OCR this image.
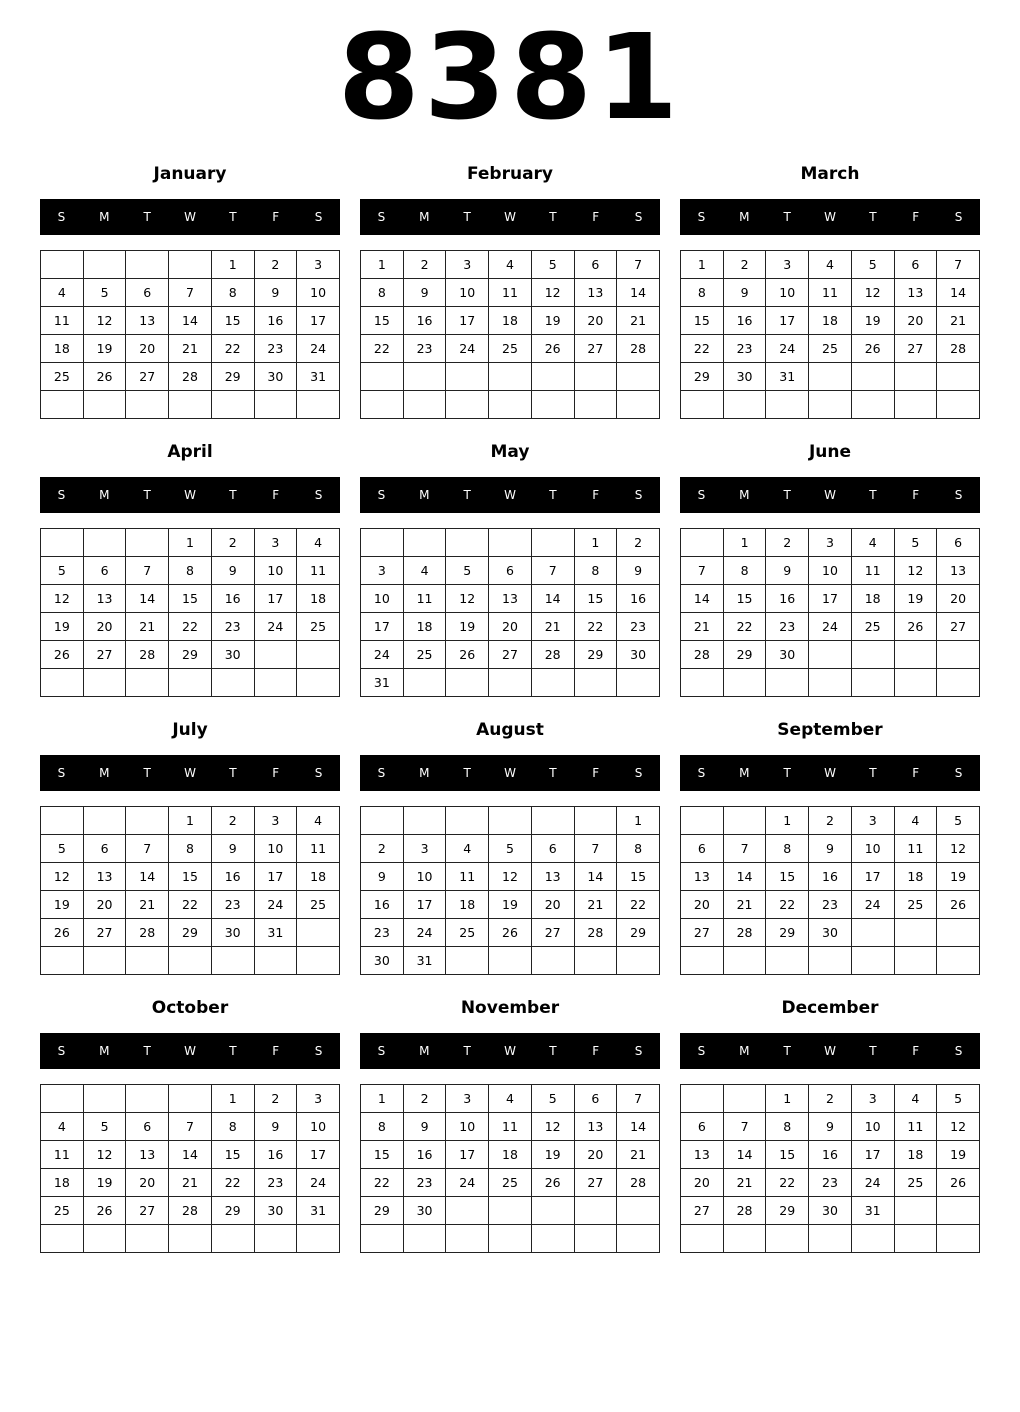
8381
January
S	M	T	W	T	F	S
				1	2	3
4	5	6	7	8	9	10
11	12	13	14	15	16	17
18	19	20	21	22	23	24
25	26	27	28	29	30	31

February
S	M	T	W	T	F	S
1	2	3	4	5	6	7
8	9	10	11	12	13	14
15	16	17	18	19	20	21
22	23	24	25	26	27	28

March
S	M	T	W	T	F	S
1	2	3	4	5	6	7
8	9	10	11	12	13	14
15	16	17	18	19	20	21
22	23	24	25	26	27	28
29	30	31				

April
S	M	T	W	T	F	S
			1	2	3	4
5	6	7	8	9	10	11
12	13	14	15	16	17	18
19	20	21	22	23	24	25
26	27	28	29	30		

May
S	M	T	W	T	F	S
					1	2
3	4	5	6	7	8	9
10	11	12	13	14	15	16
17	18	19	20	21	22	23
24	25	26	27	28	29	30
31						
June
S	M	T	W	T	F	S
	1	2	3	4	5	6
7	8	9	10	11	12	13
14	15	16	17	18	19	20
21	22	23	24	25	26	27
28	29	30				

July
S	M	T	W	T	F	S
			1	2	3	4
5	6	7	8	9	10	11
12	13	14	15	16	17	18
19	20	21	22	23	24	25
26	27	28	29	30	31	

August
S	M	T	W	T	F	S
						1
2	3	4	5	6	7	8
9	10	11	12	13	14	15
16	17	18	19	20	21	22
23	24	25	26	27	28	29
30	31					
September
S	M	T	W	T	F	S
		1	2	3	4	5
6	7	8	9	10	11	12
13	14	15	16	17	18	19
20	21	22	23	24	25	26
27	28	29	30			

October
S	M	T	W	T	F	S
				1	2	3
4	5	6	7	8	9	10
11	12	13	14	15	16	17
18	19	20	21	22	23	24
25	26	27	28	29	30	31

November
S	M	T	W	T	F	S
1	2	3	4	5	6	7
8	9	10	11	12	13	14
15	16	17	18	19	20	21
22	23	24	25	26	27	28
29	30					

December
S	M	T	W	T	F	S
		1	2	3	4	5
6	7	8	9	10	11	12
13	14	15	16	17	18	19
20	21	22	23	24	25	26
27	28	29	30	31		
